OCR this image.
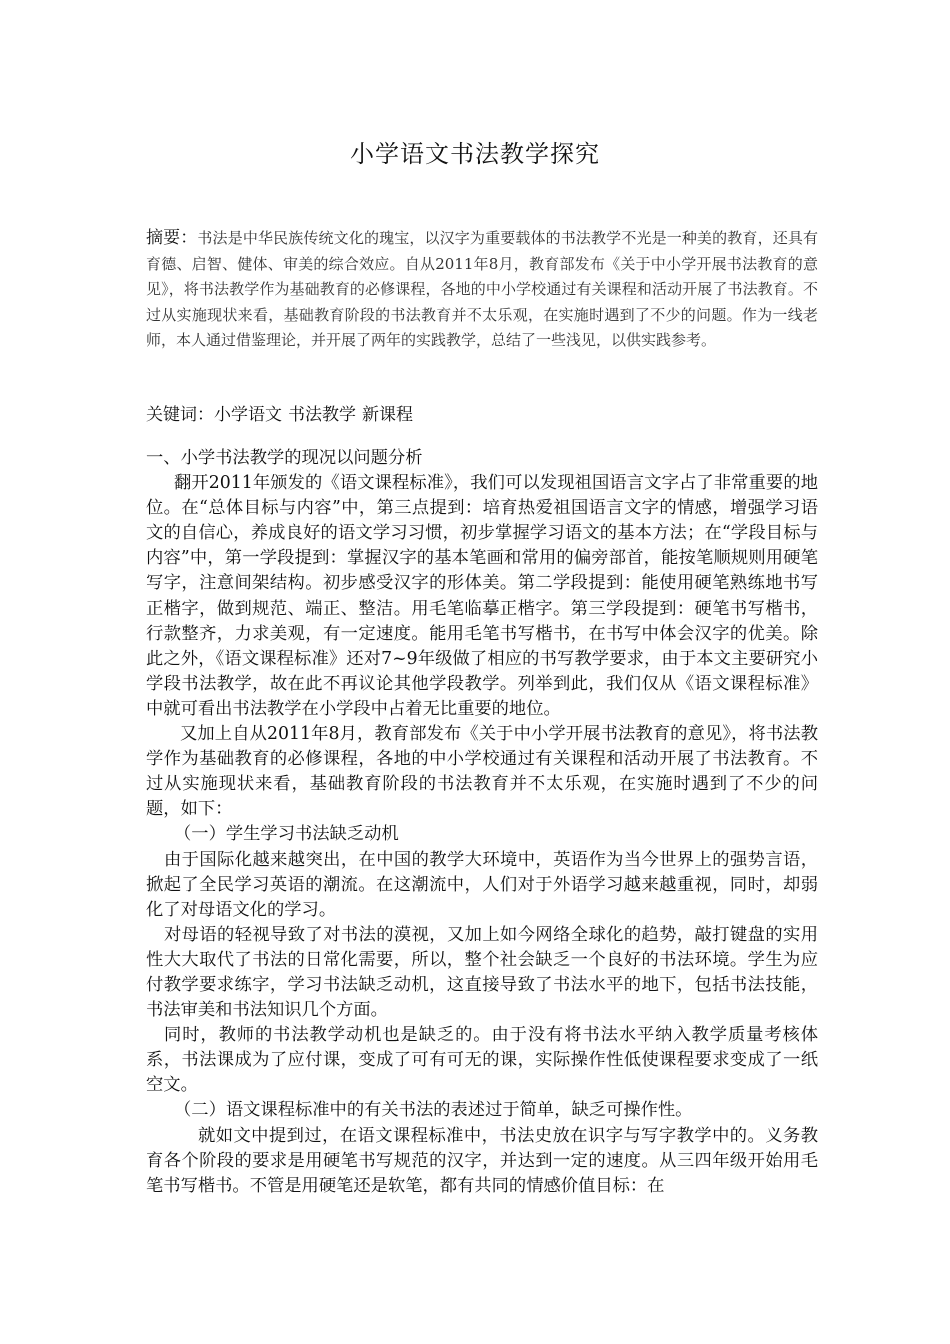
小学语文书法教学探究
摘要：书法是中华民族传统文化的瑰宝，以汉字为重要载体的书法教学不光是一种美的教育，还具有育德、启智、健体、审美的综合效应。自从2011年8月，教育部发布《关于中小学开展书法教育的意见》，将书法教学作为基础教育的必修课程，各地的中小学校通过有关课程和活动开展了书法教育。不过从实施现状来看，基础教育阶段的书法教育并不太乐观，在实施时遇到了不少的问题。作为一线老师，本人通过借鉴理论，并开展了两年的实践教学，总结了一些浅见，以供实践参考。
关键词：小学语文 书法教学 新课程

一、小学书法教学的现况以问题分析

翻开2011年颁发的《语文课程标准》，我们可以发现祖国语言文字占了非常重要的地位。在“总体目标与内容”中，第三点提到：培育热爱祖国语言文字的情感，增强学习语文的自信心，养成良好的语文学习习惯，初步掌握学习语文的基本方法；在“学段目标与内容”中，第一学段提到：掌握汉字的基本笔画和常用的偏旁部首，能按笔顺规则用硬笔写字，注意间架结构。初步感受汉字的形体美。第二学段提到：能使用硬笔熟练地书写正楷字，做到规范、端正、整洁。用毛笔临摹正楷字。第三学段提到：硬笔书写楷书，行款整齐，力求美观，有一定速度。能用毛笔书写楷书，在书写中体会汉字的优美。除此之外，《语文课程标准》还对7~9年级做了相应的书写教学要求，由于本文主要研究小学段书法教学，故在此不再议论其他学段教学。列举到此，我们仅从《语文课程标准》中就可看出书法教学在小学段中占着无比重要的地位。

又加上自从2011年8月，教育部发布《关于中小学开展书法教育的意见》，将书法教学作为基础教育的必修课程，各地的中小学校通过有关课程和活动开展了书法教育。不过从实施现状来看，基础教育阶段的书法教育并不太乐观，在实施时遇到了不少的问题，如下：

（一）学生学习书法缺乏动机

由于国际化越来越突出，在中国的教学大环境中，英语作为当今世界上的强势言语，掀起了全民学习英语的潮流。在这潮流中，人们对于外语学习越来越重视，同时，却弱化了对母语文化的学习。

对母语的轻视导致了对书法的漠视，又加上如今网络全球化的趋势，敲打键盘的实用性大大取代了书法的日常化需要，所以，整个社会缺乏一个良好的书法环境。学生为应付教学要求练字，学习书法缺乏动机，这直接导致了书法水平的地下，包括书法技能，书法审美和书法知识几个方面。

同时，教师的书法教学动机也是缺乏的。由于没有将书法水平纳入教学质量考核体系，书法课成为了应付课，变成了可有可无的课，实际操作性低使课程要求变成了一纸空文。

（二）语文课程标准中的有关书法的表述过于简单，缺乏可操作性。

就如文中提到过，在语文课程标准中，书法史放在识字与写字教学中的。义务教育各个阶段的要求是用硬笔书写规范的汉字，并达到一定的速度。从三四年级开始用毛笔书写楷书。不管是用硬笔还是软笔，都有共同的情感价值目标：在
